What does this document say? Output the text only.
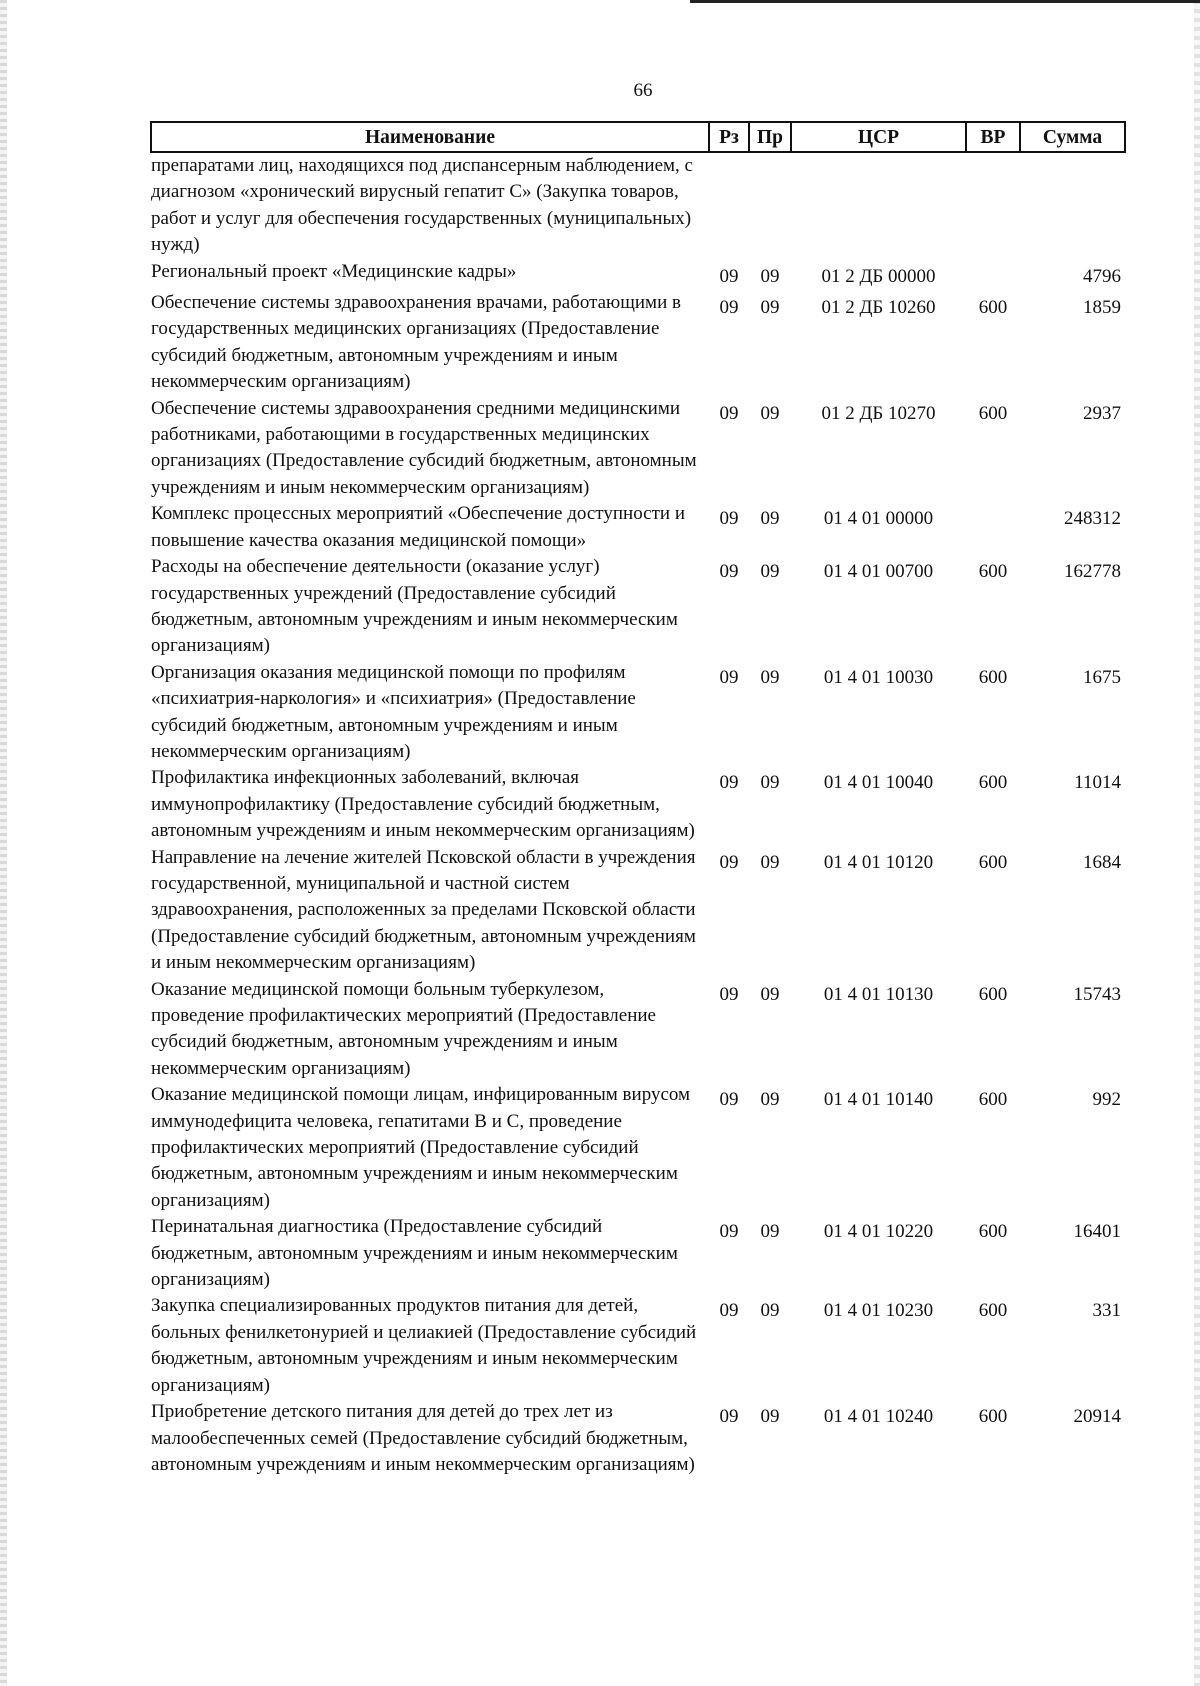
66
Наименование	Рз	Пр	ЦСР	ВР	Сумма
препаратами лиц, находящихся под диспансерным наблюдением, с диагнозом «хронический вирусный гепатит С» (Закупка товаров, работ и услуг для обеспечения государственных (муниципальных) нужд)					
Региональный проект «Медицинские кадры»	09	09	01 2 ДБ 00000		4796
Обеспечение системы здравоохранения врачами, работающими в государственных медицинских организациях (Предоставление субсидий бюджетным, автономным учреждениям и иным некоммерческим организациям)	09	09	01 2 ДБ 10260	600	1859
Обеспечение системы здравоохранения средними медицинскими работниками, работающими в государственных медицинских организациях (Предоставление субсидий бюджетным, автономным учреждениям и иным некоммерческим организациям)	09	09	01 2 ДБ 10270	600	2937
Комплекс процессных мероприятий «Обеспечение доступности и повышение качества оказания медицинской помощи»	09	09	01 4 01 00000		248312
Расходы на обеспечение деятельности (оказание услуг) государственных учреждений (Предоставление субсидий бюджетным, автономным учреждениям и иным некоммерческим организациям)	09	09	01 4 01 00700	600	162778
Организация оказания медицинской помощи по профилям «психиатрия-наркология» и «психиатрия» (Предоставление субсидий бюджетным, автономным учреждениям и иным некоммерческим организациям)	09	09	01 4 01 10030	600	1675
Профилактика инфекционных заболеваний, включая иммунопрофилактику (Предоставление субсидий бюджетным, автономным учреждениям и иным некоммерческим организациям)	09	09	01 4 01 10040	600	11014
Направление на лечение жителей Псковской области в учреждения государственной, муниципальной и частной систем здравоохранения, расположенных за пределами Псковской области (Предоставление субсидий бюджетным, автономным учреждениям и иным некоммерческим организациям)	09	09	01 4 01 10120	600	1684
Оказание медицинской помощи больным туберкулезом, проведение профилактических мероприятий (Предоставление субсидий бюджетным, автономным учреждениям и иным некоммерческим организациям)	09	09	01 4 01 10130	600	15743
Оказание медицинской помощи лицам, инфицированным вирусом иммунодефицита человека, гепатитами В и С, проведение профилактических мероприятий (Предоставление субсидий бюджетным, автономным учреждениям и иным некоммерческим организациям)	09	09	01 4 01 10140	600	992
Перинатальная диагностика (Предоставление субсидий бюджетным, автономным учреждениям и иным некоммерческим организациям)	09	09	01 4 01 10220	600	16401
Закупка специализированных продуктов питания для детей, больных фенилкетонурией и целиакией (Предоставление субсидий бюджетным, автономным учреждениям и иным некоммерческим организациям)	09	09	01 4 01 10230	600	331
Приобретение детского питания для детей до трех лет из малообеспеченных семей (Предоставление субсидий бюджетным, автономным учреждениям и иным некоммерческим организациям)	09	09	01 4 01 10240	600	20914
